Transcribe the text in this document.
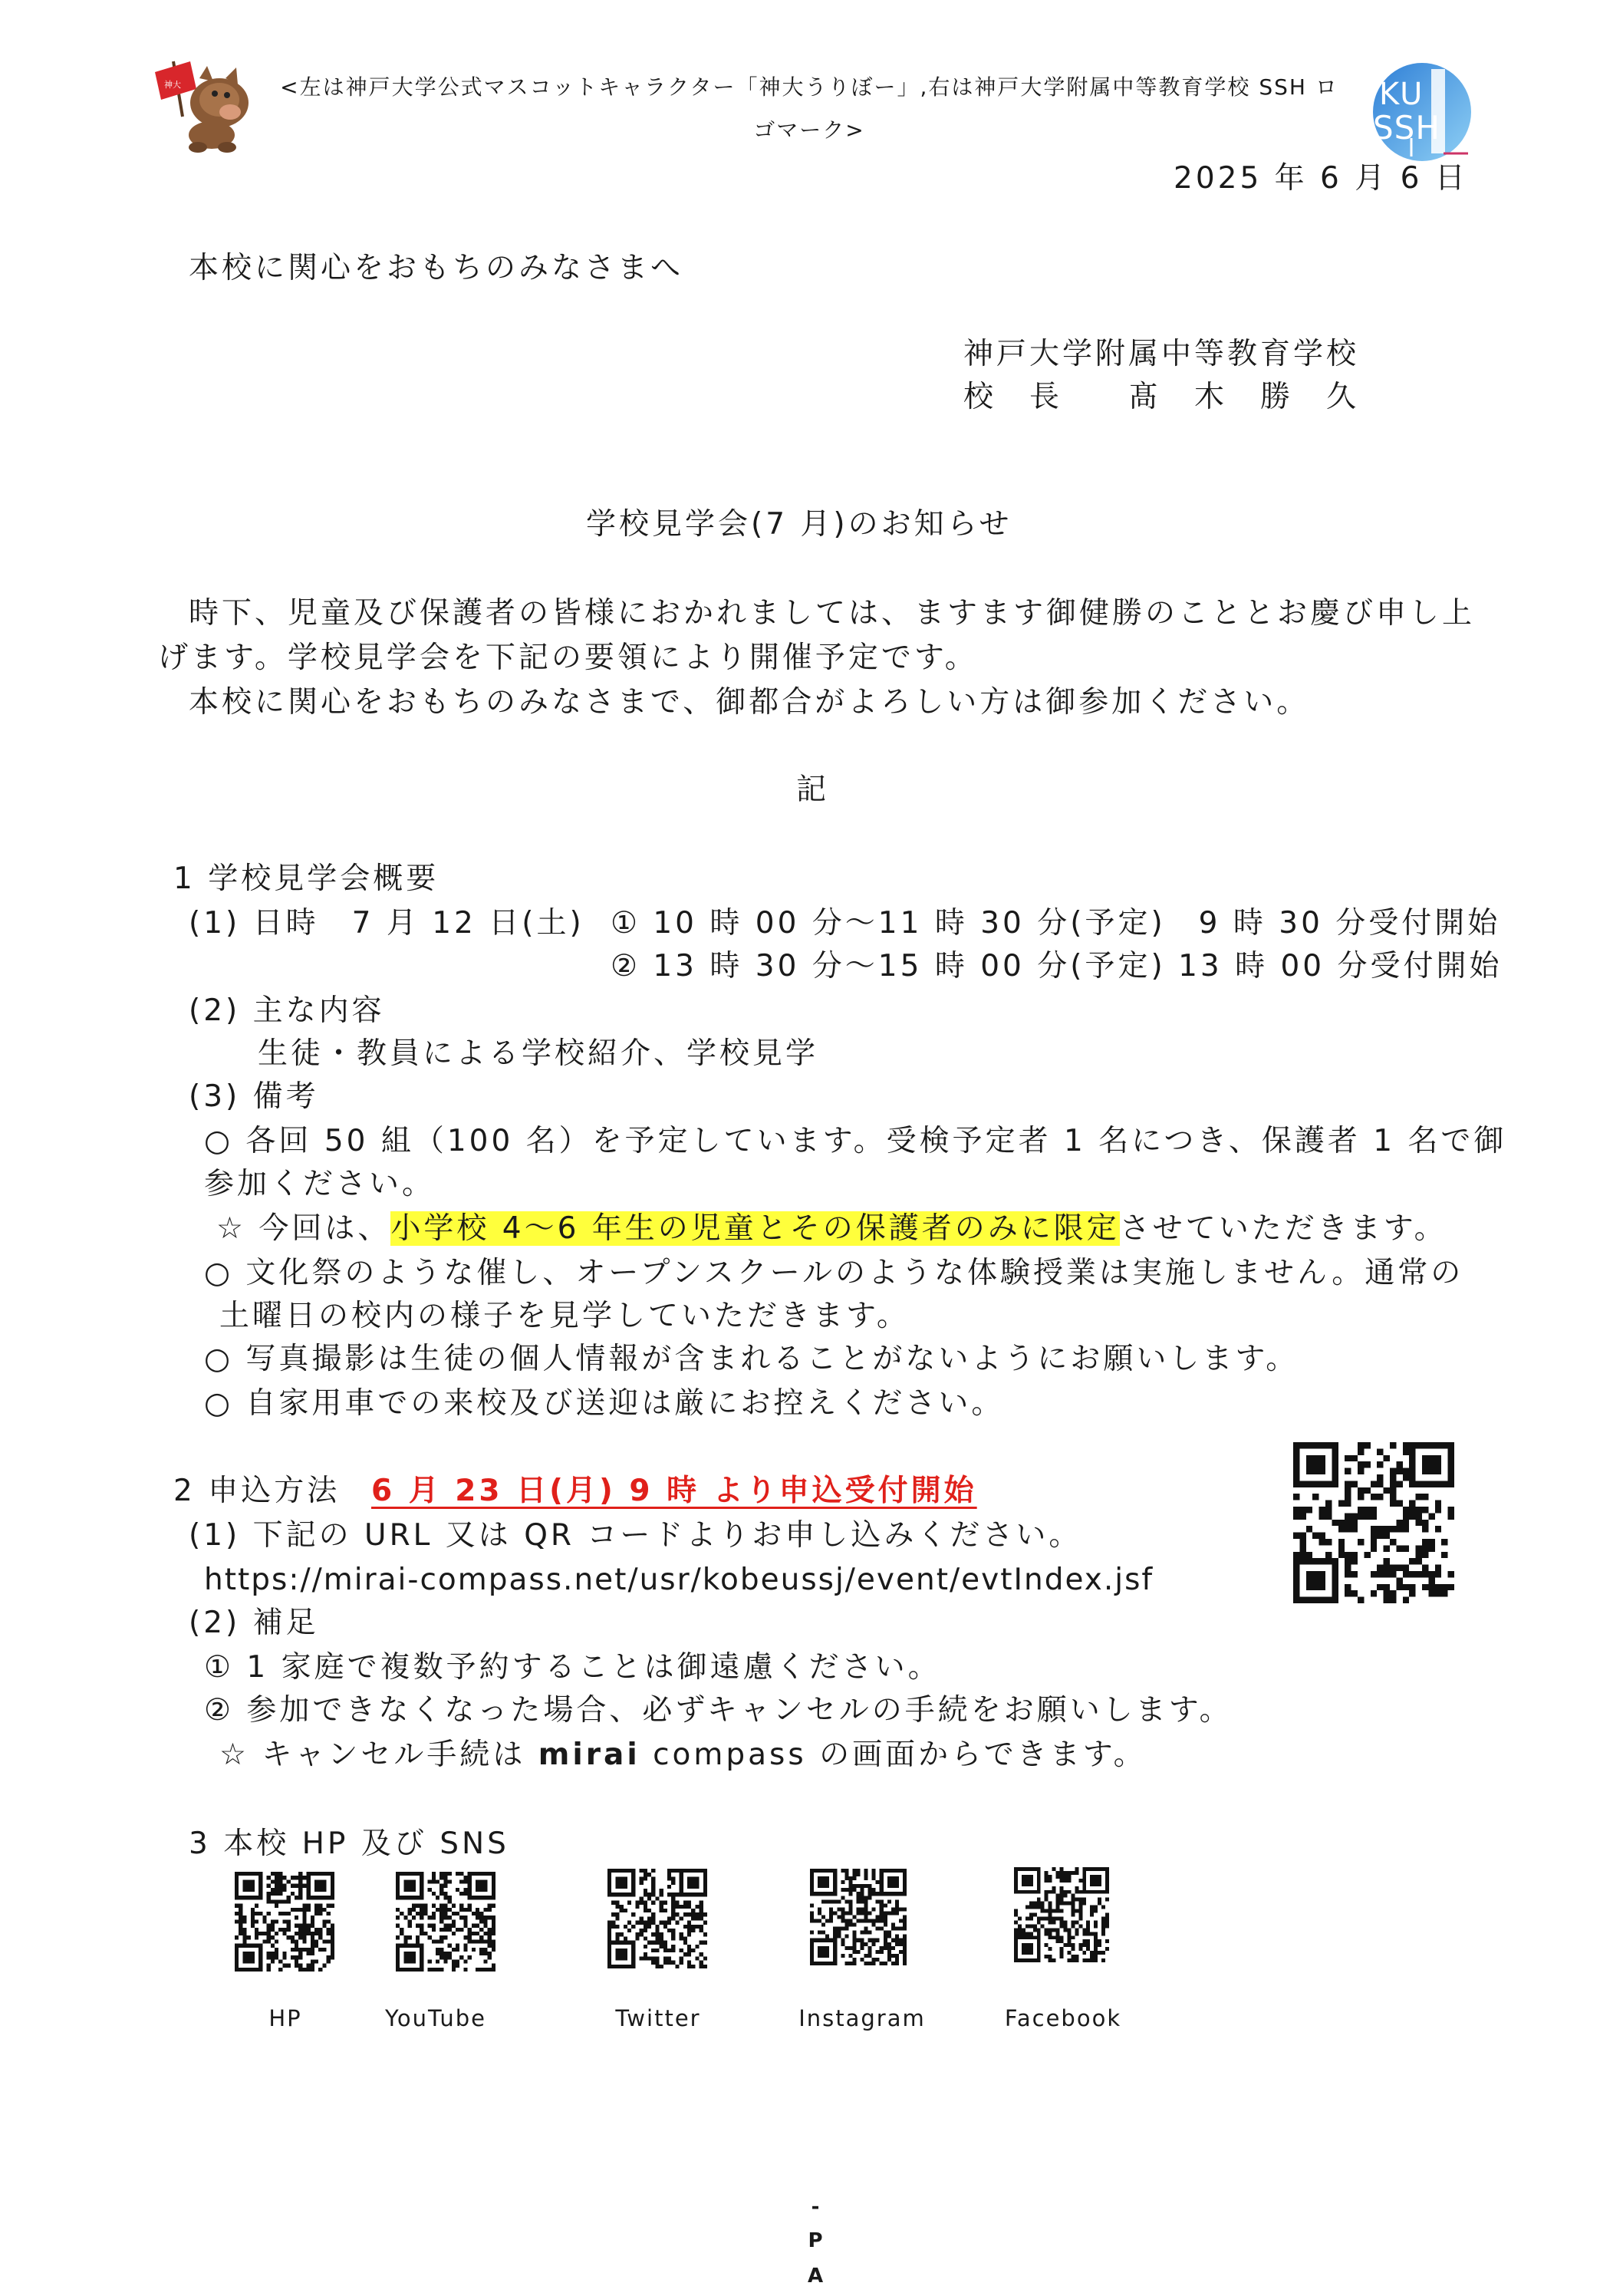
神大	<左は神戸大学公式マスコットキャラクター「神大うりぼー」,右は神戸大学附属中等教育学校 SSH ロゴマーク>
KU
SSH
2025 年 6 月 6 日
本校に関心をおもちのみなさまへ
神戸大学附属中等教育学校
校　長　　髙　木　勝　久
学校見学会(7 月)のお知らせ
時下、児童及び保護者の皆様におかれましては、ますます御健勝のこととお慶び申し上
げます。学校見学会を下記の要領により開催予定です。
本校に関心をおもちのみなさまで、御都合がよろしい方は御参加ください。
記
1 学校見学会概要
(1) 日時　7 月 12 日(土) ① 10 時 00 分～11 時 30 分(予定)　9 時 30 分受付開始
② 13 時 30 分～15 時 00 分(予定) 13 時 00 分受付開始
(2) 主な内容
生徒・教員による学校紹介、学校見学
(3) 備考
○ 各回 50 組（100 名）を予定しています。受検予定者 1 名につき、保護者 1 名で御
参加ください。
☆ 今回は、小学校 4～6 年生の児童とその保護者のみに限定させていただきます。
○ 文化祭のような催し、オープンスクールのような体験授業は実施しません。通常の
土曜日の校内の様子を見学していただきます。
○ 写真撮影は生徒の個人情報が含まれることがないようにお願いします。
○ 自家用車での来校及び送迎は厳にお控えください。
2 申込方法 6 月 23 日(月) 9 時 より申込受付開始
(1) 下記の URL 又は QR コードよりお申し込みください。
https://mirai-compass.net/usr/kobeussj/event/evtIndex.jsf
(2) 補足
① 1 家庭で複数予約することは御遠慮ください。
② 参加できなくなった場合、必ずキャンセルの手続をお願いします。
☆ キャンセル手続は mirai compass の画面からできます。
3 本校 HP 及び SNS
HP	YouTube	Twitter	Instagram	Facebook
-
P
A
